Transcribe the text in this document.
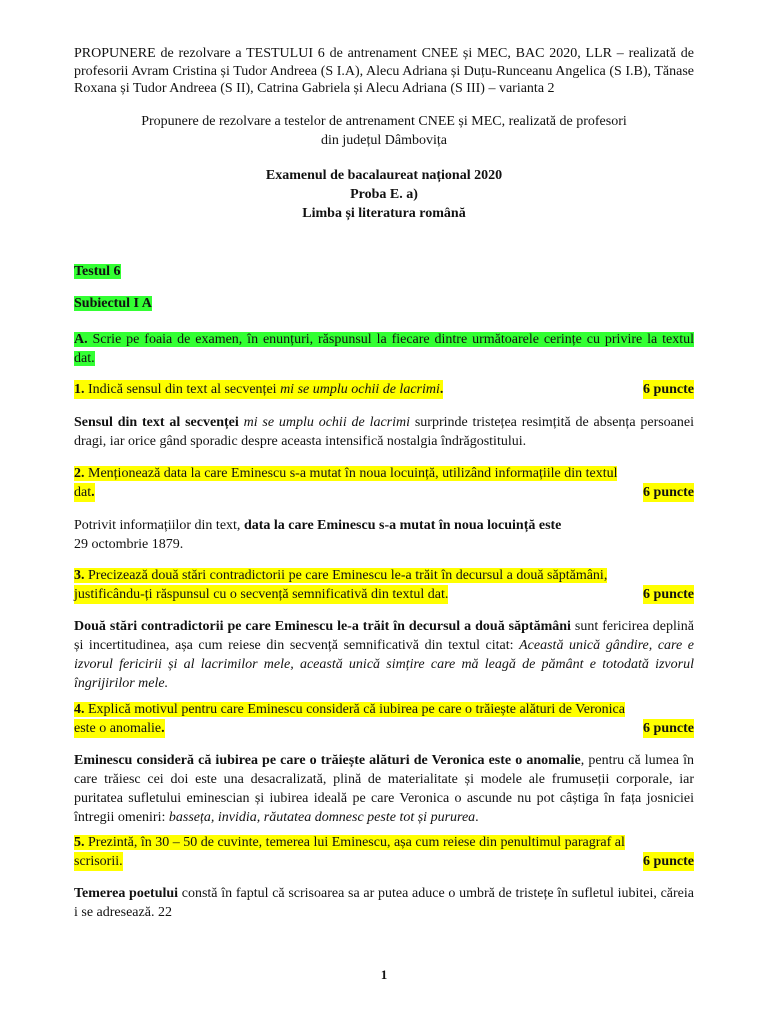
PROPUNERE de rezolvare a TESTULUI 6 de antrenament CNEE și MEC, BAC 2020, LLR – realizată de profesorii Avram Cristina și Tudor Andreea (S I.A), Alecu Adriana și Duțu-Runceanu Angelica (S I.B), Tănase Roxana și Tudor Andreea (S II), Catrina Gabriela și Alecu Adriana (S III) – varianta 2
Propunere de rezolvare a testelor de antrenament CNEE și MEC, realizată de profesori
din județul Dâmbovița
Examenul de bacalaureat național 2020
Proba E. a)
Limba și literatura română
Testul 6
Subiectul I A
A. Scrie pe foaia de examen, în enunțuri, răspunsul la fiecare dintre următoarele cerințe cu privire la textul dat.
1. Indică sensul din text al secvenței mi se umplu ochii de lacrimi.	6 puncte
Sensul din text al secvenței mi se umplu ochii de lacrimi surprinde tristețea resimțită de absența persoanei dragi, iar orice gând sporadic despre aceasta intensifică nostalgia îndrăgostitului.
2. Menționează data la care Eminescu s-a mutat în noua locuință, utilizând informațiile din textul
dat.	6 puncte
Potrivit informațiilor din text, data la care Eminescu s-a mutat în noua locuință este
29 octombrie 1879.
3. Precizează două stări contradictorii pe care Eminescu le-a trăit în decursul a două săptămâni,
justificându-ți răspunsul cu o secvență semnificativă din textul dat.	6 puncte
Două stări contradictorii pe care Eminescu le-a trăit în decursul a două săptămâni sunt fericirea deplină și incertitudinea, așa cum reiese din secvență semnificativă din textul citat: Această unică gândire, care e izvorul fericirii și al lacrimilor mele, această unică simțire care mă leagă de pământ e totodată izvorul îngrijirilor mele.
4. Explică motivul pentru care Eminescu consideră că iubirea pe care o trăiește alături de Veronica
este o anomalie.	6 puncte
Eminescu consideră că iubirea pe care o trăiește alături de Veronica este o anomalie, pentru că lumea în care trăiesc cei doi este una desacralizată, plină de materialitate și modele ale frumuseții corporale, iar puritatea sufletului eminescian și iubirea ideală pe care Veronica o ascunde nu pot câștiga în fața josniciei întregii omeniri: basseța, invidia, răutatea domnesc peste tot și pururea.
5. Prezintă, în 30 – 50 de cuvinte, temerea lui Eminescu, așa cum reiese din penultimul paragraf al
scrisorii.	6 puncte
Temerea poetului constă în faptul că scrisoarea sa ar putea aduce o umbră de tristețe în sufletul iubitei, căreia i se adresează. 22
1
